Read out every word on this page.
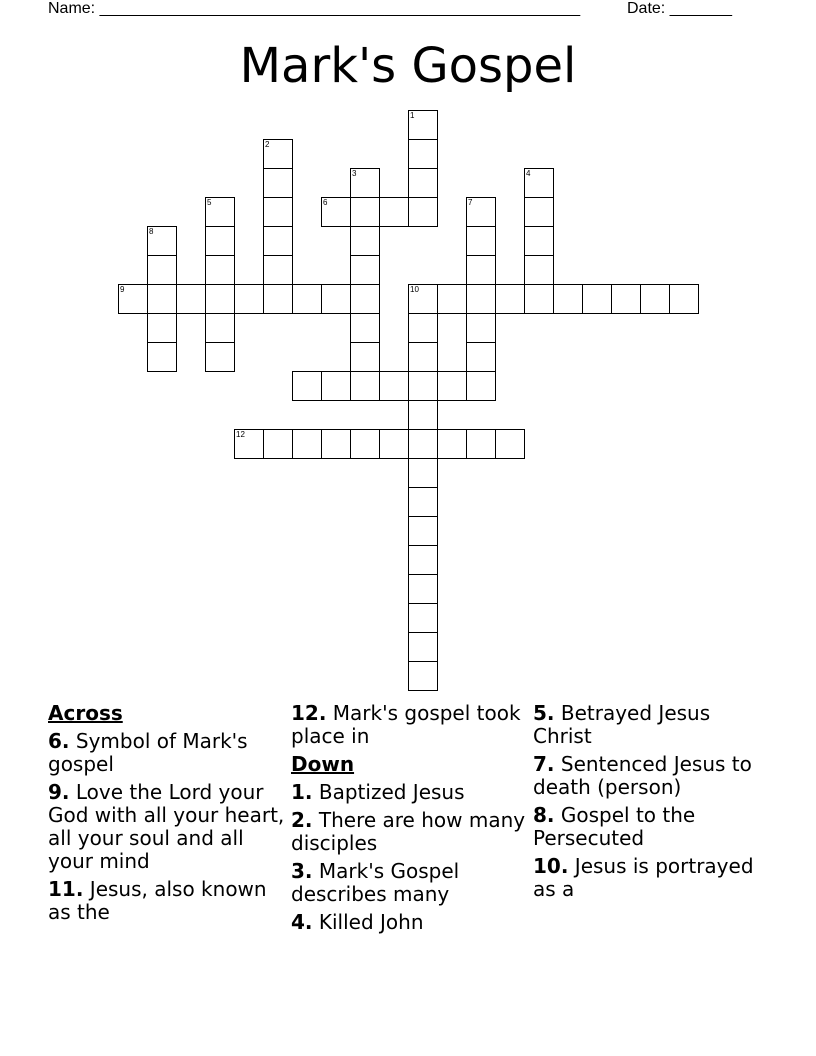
Name: ______________________________________________________	Date: _______
Mark's Gospel
1
2
3	4
5	6	7
8
9	10
12
Across
6. Symbol of Mark's gospel
9. Love the Lord your God with all your heart, all your soul and all your mind
11. Jesus, also known as the
12. Mark's gospel took place in
Down
1. Baptized Jesus
2. There are how many disciples
3. Mark's Gospel describes many
4. Killed John
5. Betrayed Jesus Christ
7. Sentenced Jesus to death (person)
8. Gospel to the Persecuted
10. Jesus is portrayed as a
